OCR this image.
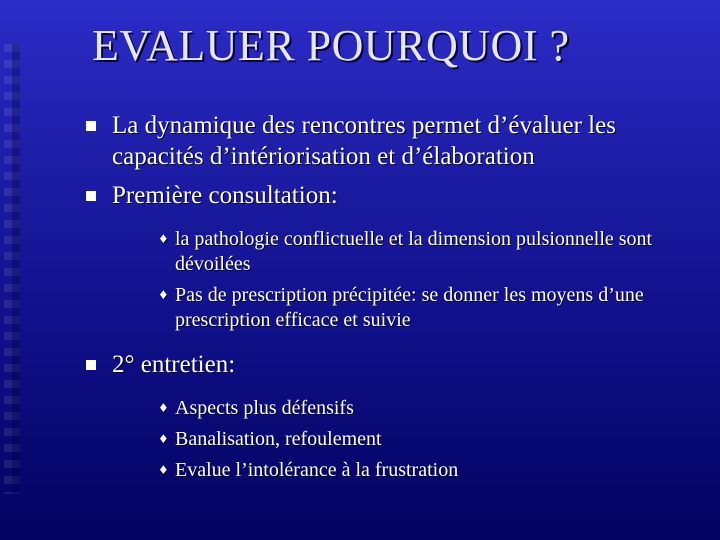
EVALUER POURQUOI ?
La dynamique des rencontres permet d’évaluer les capacités d’intériorisation et d’élaboration
Première consultation:
♦ la pathologie conflictuelle et la dimension pulsionnelle sont dévoilées
♦ Pas de prescription précipitée: se donner les moyens d’une prescription efficace et suivie
2° entretien:
♦ Aspects plus défensifs
♦ Banalisation, refoulement
♦ Evalue l’intolérance à la frustration
